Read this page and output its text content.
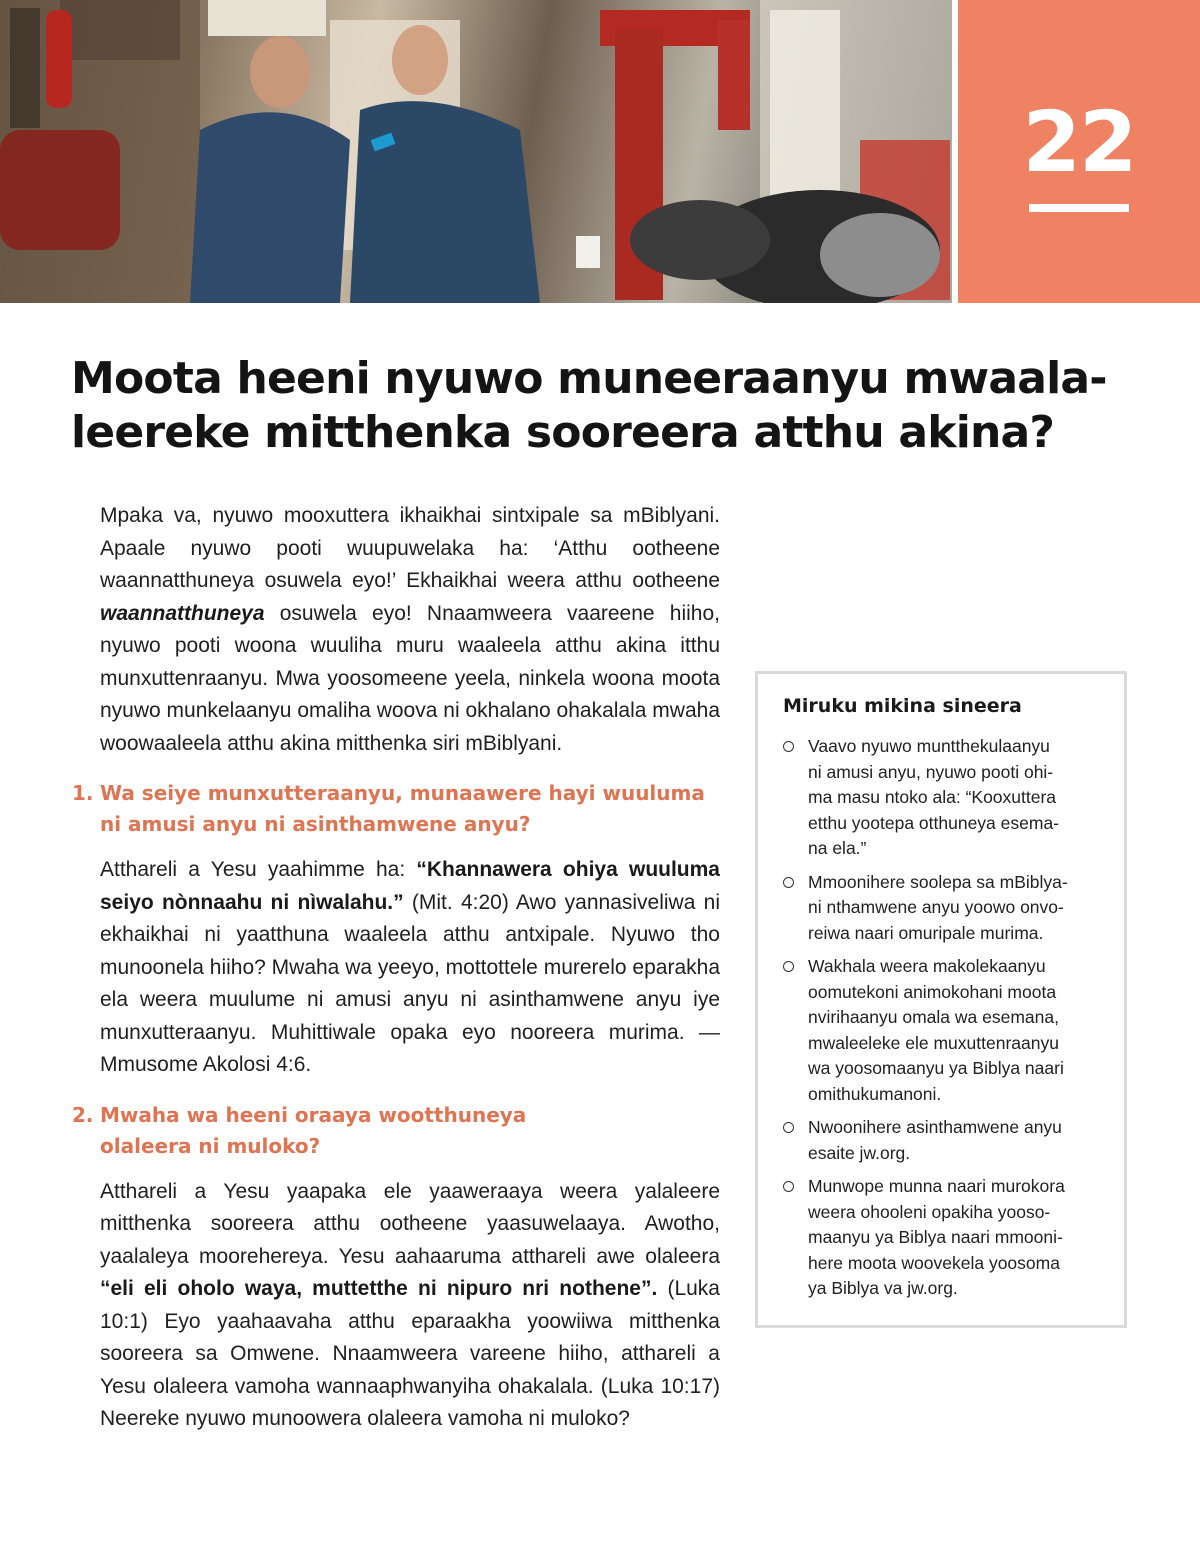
22
Moota heeni nyuwo muneeraanyu mwaala-
leereke mitthenka sooreera atthu akina?

Mpaka va, nyuwo mooxuttera ikhaikhai sintxipale sa mBiblyani. Apaale nyuwo pooti wuupuwelaka ha: ‘Atthu ootheene waannatthuneya osuwela eyo!’ Ekhaikhai weera atthu ootheene waannatthuneya osuwela eyo! Nnaamweera vaareene hiiho, nyuwo pooti woona wuuliha muru waaleela atthu akina itthu munxuttenraanyu. Mwa yoosomeene yeela, ninkela woona moota nyuwo munkelaanyu omaliha woova ni okhalano ohakalala mwaha woowaaleela atthu akina mitthenka siri mBiblyani.

1. Wa seiye munxutteraanyu, munaawere hayi wuuluma
ni amusi anyu ni asinthamwene anyu?

Atthareli a Yesu yaahimme ha: “Khannawera ohiya wuuluma seiyo nònnaahu ni nìwalahu.” (Mit. 4:20) Awo yannasiveliwa ni ekhaikhai ni yaatthuna waaleela atthu antxipale. Nyuwo tho munoonela hiiho? Mwaha wa yeeyo, mottottele murerelo eparakha ela weera muulume ni amusi anyu ni asinthamwene anyu iye munxutteraanyu. Muhittiwale opaka eyo nooreera murima. — Mmusome Akolosi 4:6.

2. Mwaha wa heeni oraaya wootthuneya
olaleera ni muloko?

Atthareli a Yesu yaapaka ele yaaweraaya weera yalaleere mitthenka sooreera atthu ootheene yaasuwelaaya. Awotho, yaalaleya moorehereya. Yesu aahaaruma atthareli awe olaleera “eli eli oholo waya, muttetthe ni nipuro nri nothene”. (Luka 10:1) Eyo yaahaavaha atthu eparaakha yoowiiwa mitthenka sooreera sa Omwene. Nnaamweera vareene hiiho, atthareli a Yesu olaleera vamoha wannaaphwanyiha ohakalala. (Luka 10:17) Neereke nyuwo munoowera olaleera vamoha ni muloko?

Miruku mikina sineera
Vaavo nyuwo muntthekulaanyu
ni amusi anyu, nyuwo pooti ohi-
ma masu ntoko ala: “Kooxuttera
etthu yootepa otthuneya esema-
na ela.”
Mmoonihere soolepa sa mBiblya-
ni nthamwene anyu yoowo onvo-
reiwa naari omuripale murima.
Wakhala weera makolekaanyu
oomutekoni animokohani moota
nvirihaanyu omala wa esemana,
mwaleeleke ele muxuttenraanyu
wa yoosomaanyu ya Biblya naari
omithukumanoni.
Nwoonihere asinthamwene anyu
esaite jw.org.
Munwope munna naari murokora
weera ohooleni opakiha yooso-
maanyu ya Biblya naari mmooni-
here moota woovekela yoosoma
ya Biblya va jw.org.
